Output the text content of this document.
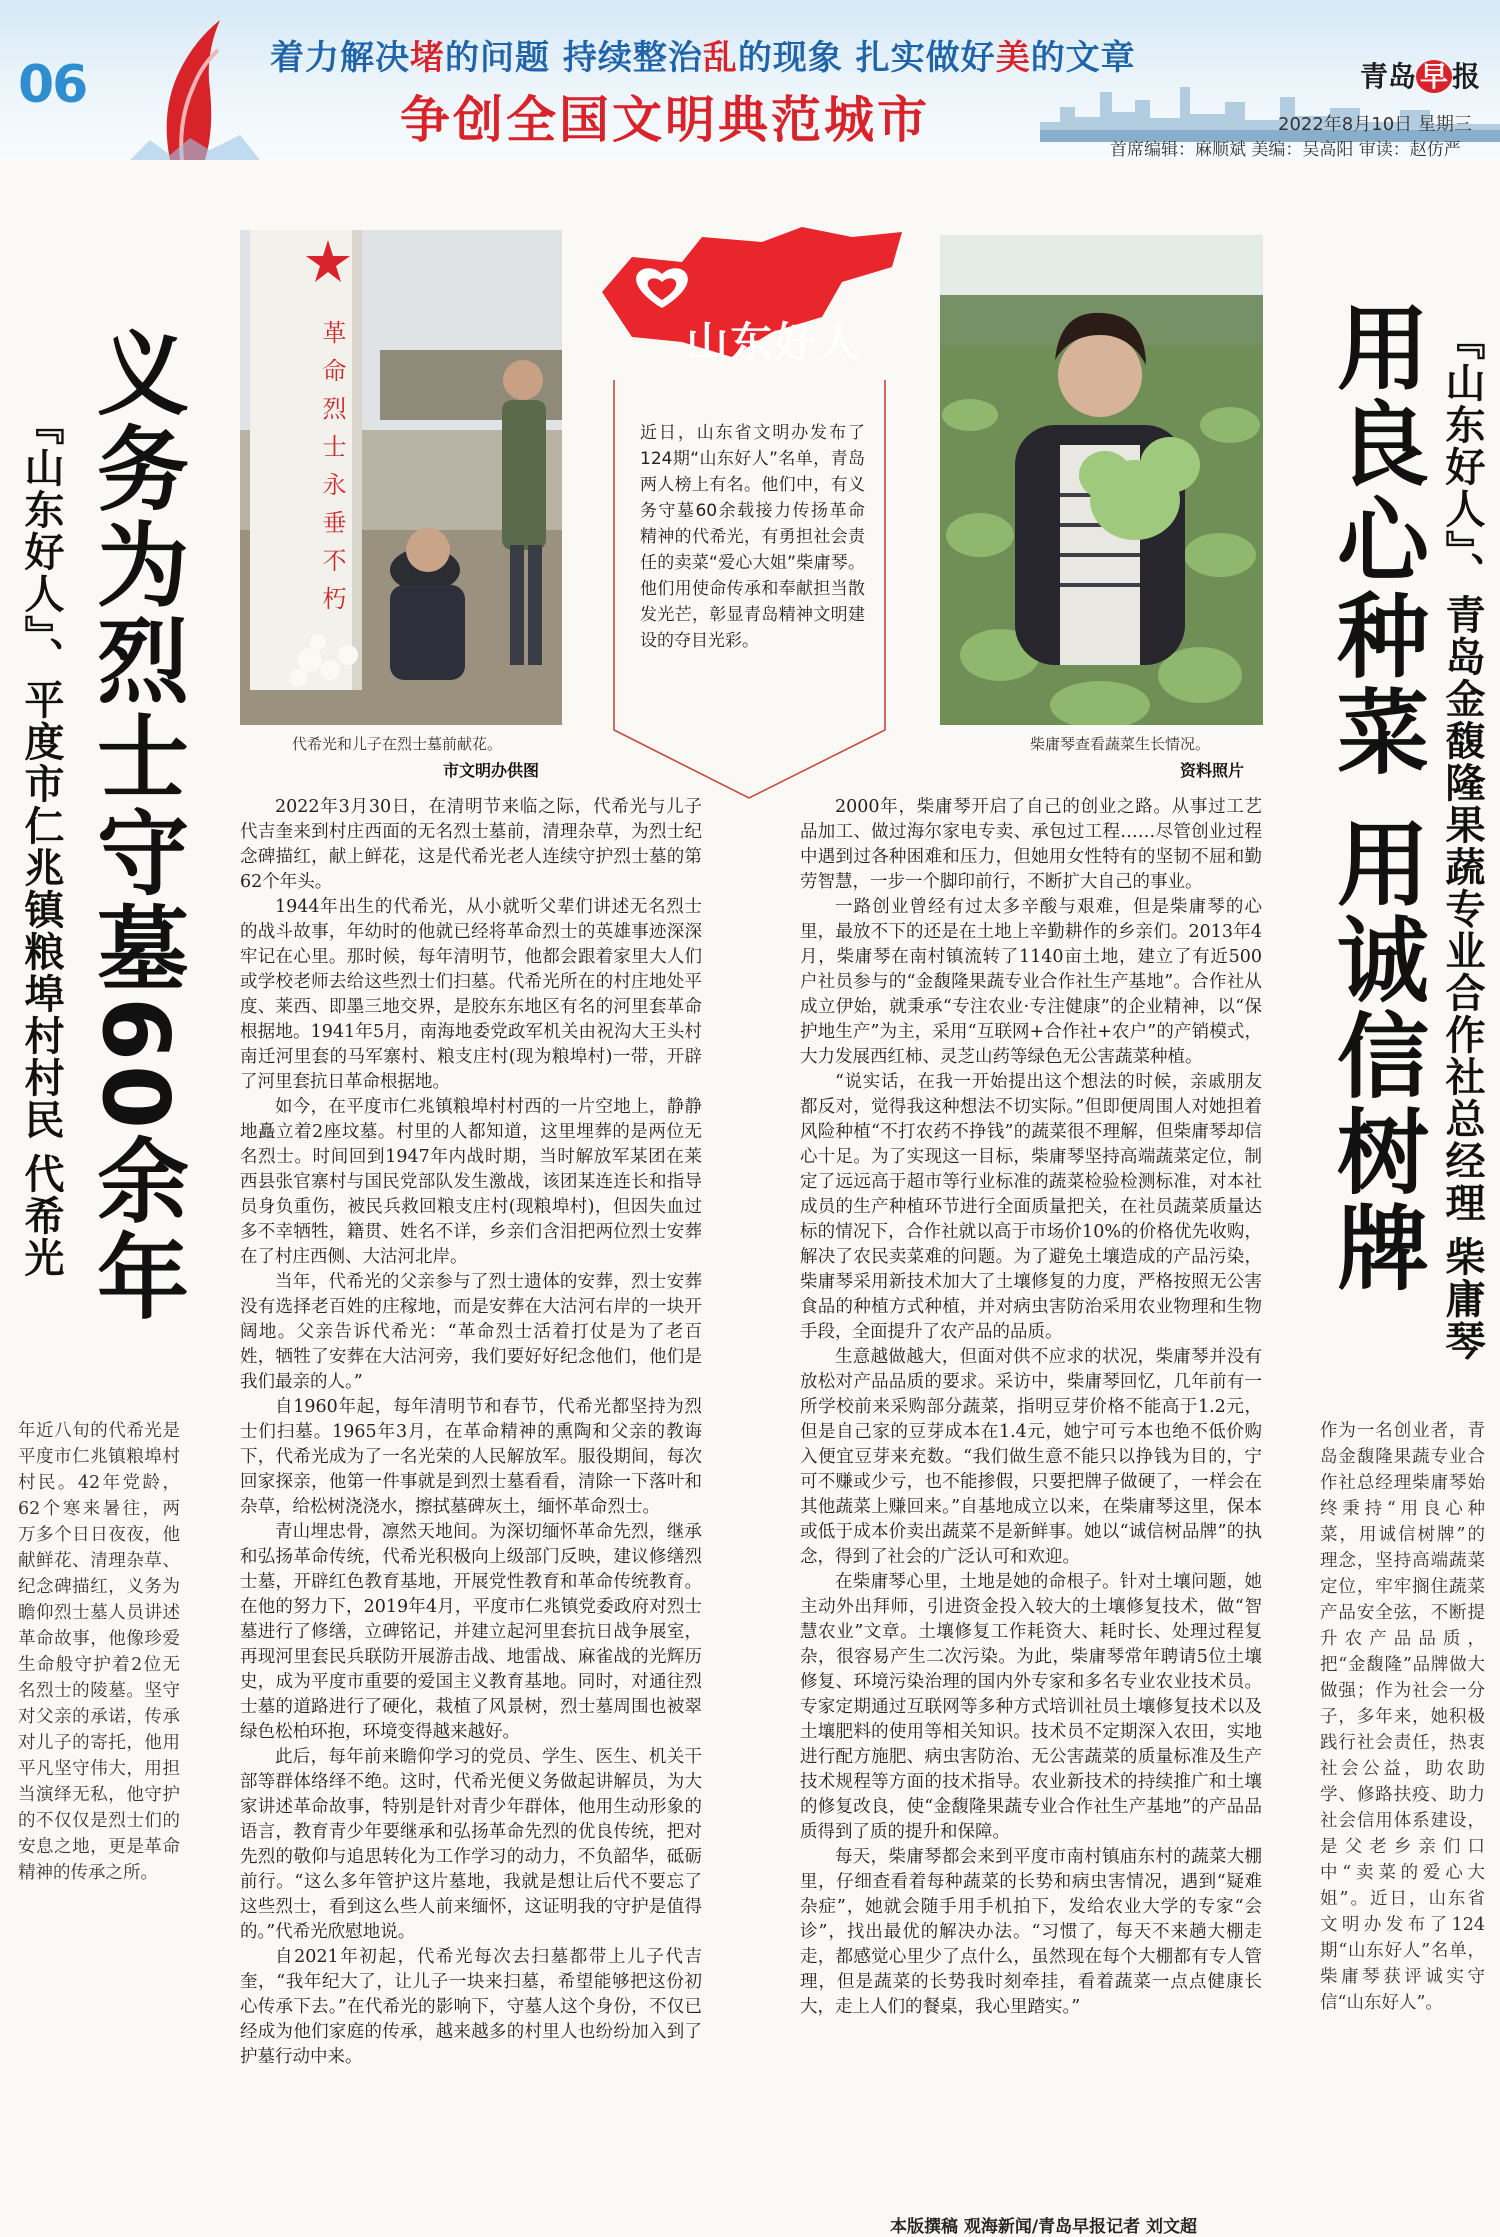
06	着力解决堵的问题 持续整治乱的现象 扎实做好美的文章
争创全国文明典范城市
青岛 早 报
2022年8月10日 星期三
首席编辑：麻顺斌 美编：吴高阳 审读：赵仿严
义务为烈士守墓60余年
『山东好人』、平度市仁兆镇粮埠村村民 代希光
年近八旬的代希光是平度市仁兆镇粮埠村村民。42年党龄，62个寒来暑往，两万多个日日夜夜，他献鲜花、清理杂草、纪念碑描红，义务为瞻仰烈士墓人员讲述革命故事，他像珍爱生命般守护着2位无名烈士的陵墓。坚守对父亲的承诺，传承对儿子的寄托，他用平凡坚守伟大，用担当演绎无私，他守护的不仅仅是烈士们的安息之地，更是革命精神的传承之所。
革命烈士永垂不朽
代希光和儿子在烈士墓前献花。
市文明办供图
山东好人
近日，山东省文明办发布了124期“山东好人”名单，青岛两人榜上有名。他们中，有义务守墓60余载接力传扬革命精神的代希光，有勇担社会责任的卖菜“爱心大姐”柴庸琴。他们用使命传承和奉献担当散发光芒，彰显青岛精神文明建设的夺目光彩。
柴庸琴查看蔬菜生长情况。
资料照片 用良心种菜 用诚信树牌 『山东好人』、青岛金馥隆果蔬专业合作社总经理 柴庸琴
作为一名创业者，青岛金馥隆果蔬专业合作社总经理柴庸琴始终秉持“用良心种菜，用诚信树牌”的理念，坚持高端蔬菜定位，牢牢搁住蔬菜产品安全弦，不断提升农产品品质，把“金馥隆”品牌做大做强；作为社会一分子，多年来，她积极践行社会责任，热衷社会公益，助农助学、修路扶疫、助力社会信用体系建设，是父老乡亲们口中“卖菜的爱心大姐”。近日，山东省文明办发布了124期“山东好人”名单，柴庸琴获评诚实守信“山东好人”。

2022年3月30日，在清明节来临之际，代希光与儿子代吉奎来到村庄西面的无名烈士墓前，清理杂草，为烈士纪念碑描红，献上鲜花，这是代希光老人连续守护烈士墓的第62个年头。

1944年出生的代希光，从小就听父辈们讲述无名烈士的战斗故事，年幼时的他就已经将革命烈士的英雄事迹深深牢记在心里。那时候，每年清明节，他都会跟着家里大人们或学校老师去给这些烈士们扫墓。代希光所在的村庄地处平度、莱西、即墨三地交界，是胶东东地区有名的河里套革命根据地。1941年5月，南海地委党政军机关由祝沟大王头村南迁河里套的马军寨村、粮支庄村(现为粮埠村)一带，开辟了河里套抗日革命根据地。

如今，在平度市仁兆镇粮埠村村西的一片空地上，静静地矗立着2座坟墓。村里的人都知道，这里埋葬的是两位无名烈士。时间回到1947年内战时期，当时解放军某团在莱西县张官寨村与国民党部队发生激战，该团某连连长和指导员身负重伤，被民兵救回粮支庄村(现粮埠村)，但因失血过多不幸牺牲，籍贯、姓名不详，乡亲们含泪把两位烈士安葬在了村庄西侧、大沽河北岸。

当年，代希光的父亲参与了烈士遗体的安葬，烈士安葬没有选择老百姓的庄稼地，而是安葬在大沽河右岸的一块开阔地。父亲告诉代希光：“革命烈士活着打仗是为了老百姓，牺牲了安葬在大沽河旁，我们要好好纪念他们，他们是我们最亲的人。”

自1960年起，每年清明节和春节，代希光都坚持为烈士们扫墓。1965年3月，在革命精神的熏陶和父亲的教诲下，代希光成为了一名光荣的人民解放军。服役期间，每次回家探亲，他第一件事就是到烈士墓看看，清除一下落叶和杂草，给松树浇浇水，擦拭墓碑灰土，缅怀革命烈士。

青山埋忠骨，凛然天地间。为深切缅怀革命先烈，继承和弘扬革命传统，代希光积极向上级部门反映，建议修缮烈士墓，开辟红色教育基地，开展党性教育和革命传统教育。在他的努力下，2019年4月，平度市仁兆镇党委政府对烈士墓进行了修缮，立碑铭记，并建立起河里套抗日战争展室，再现河里套民兵联防开展游击战、地雷战、麻雀战的光辉历史，成为平度市重要的爱国主义教育基地。同时，对通往烈士墓的道路进行了硬化，栽植了风景树，烈士墓周围也被翠绿色松柏环抱，环境变得越来越好。

此后，每年前来瞻仰学习的党员、学生、医生、机关干部等群体络绎不绝。这时，代希光便义务做起讲解员，为大家讲述革命故事，特别是针对青少年群体，他用生动形象的语言，教育青少年要继承和弘扬革命先烈的优良传统，把对先烈的敬仰与追思转化为工作学习的动力，不负韶华，砥砺前行。“这么多年管护这片墓地，我就是想让后代不要忘了这些烈士，看到这么些人前来缅怀，这证明我的守护是值得的。”代希光欣慰地说。

自2021年初起，代希光每次去扫墓都带上儿子代吉奎，“我年纪大了，让儿子一块来扫墓，希望能够把这份初心传承下去。”在代希光的影响下，守墓人这个身份，不仅已经成为他们家庭的传承，越来越多的村里人也纷纷加入到了护墓行动中来。

2000年，柴庸琴开启了自己的创业之路。从事过工艺品加工、做过海尔家电专卖、承包过工程……尽管创业过程中遇到过各种困难和压力，但她用女性特有的坚韧不屈和勤劳智慧，一步一个脚印前行，不断扩大自己的事业。

一路创业曾经有过太多辛酸与艰难，但是柴庸琴的心里，最放不下的还是在土地上辛勤耕作的乡亲们。2013年4月，柴庸琴在南村镇流转了1140亩土地，建立了有近500户社员参与的“金馥隆果蔬专业合作社生产基地”。合作社从成立伊始，就秉承“专注农业·专注健康”的企业精神，以“保护地生产”为主，采用“互联网+合作社+农户”的产销模式，大力发展西红柿、灵芝山药等绿色无公害蔬菜种植。

“说实话，在我一开始提出这个想法的时候，亲戚朋友都反对，觉得我这种想法不切实际。”但即便周围人对她担着风险种植“不打农药不挣钱”的蔬菜很不理解，但柴庸琴却信心十足。为了实现这一目标，柴庸琴坚持高端蔬菜定位，制定了远远高于超市等行业标准的蔬菜检验检测标准，对本社成员的生产种植环节进行全面质量把关，在社员蔬菜质量达标的情况下，合作社就以高于市场价10%的价格优先收购，解决了农民卖菜难的问题。为了避免土壤造成的产品污染，柴庸琴采用新技术加大了土壤修复的力度，严格按照无公害食品的种植方式种植，并对病虫害防治采用农业物理和生物手段，全面提升了农产品的品质。

生意越做越大，但面对供不应求的状况，柴庸琴并没有放松对产品品质的要求。采访中，柴庸琴回忆，几年前有一所学校前来采购部分蔬菜，指明豆芽价格不能高于1.2元，但是自己家的豆芽成本在1.4元，她宁可亏本也绝不低价购入便宜豆芽来充数。“我们做生意不能只以挣钱为目的，宁可不赚或少亏，也不能掺假，只要把牌子做硬了，一样会在其他蔬菜上赚回来。”自基地成立以来，在柴庸琴这里，保本或低于成本价卖出蔬菜不是新鲜事。她以“诚信树品牌”的执念，得到了社会的广泛认可和欢迎。

在柴庸琴心里，土地是她的命根子。针对土壤问题，她主动外出拜师，引进资金投入较大的土壤修复技术，做“智慧农业”文章。土壤修复工作耗资大、耗时长、处理过程复杂，很容易产生二次污染。为此，柴庸琴常年聘请5位土壤修复、环境污染治理的国内外专家和多名专业农业技术员。专家定期通过互联网等多种方式培训社员土壤修复技术以及土壤肥料的使用等相关知识。技术员不定期深入农田，实地进行配方施肥、病虫害防治、无公害蔬菜的质量标准及生产技术规程等方面的技术指导。农业新技术的持续推广和土壤的修复改良，使“金馥隆果蔬专业合作社生产基地”的产品品质得到了质的提升和保障。

每天，柴庸琴都会来到平度市南村镇庙东村的蔬菜大棚里，仔细查看着每种蔬菜的长势和病虫害情况，遇到“疑难杂症”，她就会随手用手机拍下，发给农业大学的专家“会诊”，找出最优的解决办法。“习惯了，每天不来趟大棚走走，都感觉心里少了点什么，虽然现在每个大棚都有专人管理，但是蔬菜的长势我时刻牵挂，看着蔬菜一点点健康长大，走上人们的餐桌，我心里踏实。”

本版撰稿 观海新闻/青岛早报记者 刘文超
